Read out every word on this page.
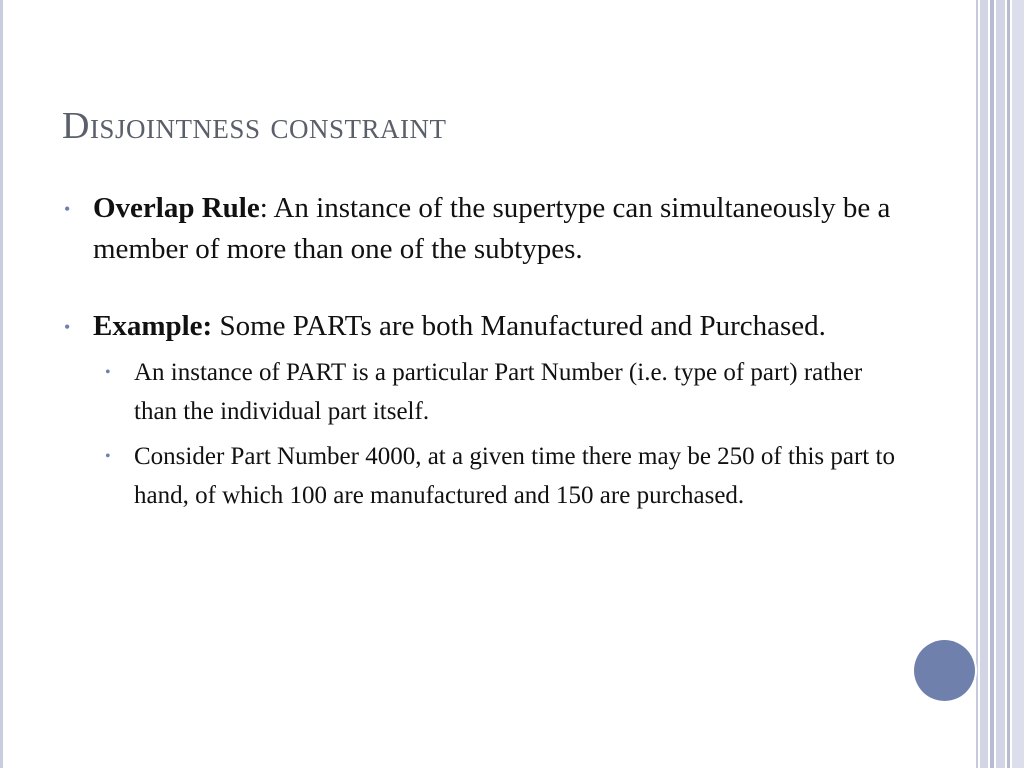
Disjointness constraint
• Overlap Rule: An instance of the supertype can simultaneously be a member of more than one of the subtypes.
• Example: Some PARTs are both Manufactured and Purchased.
• An instance of PART is a particular Part Number (i.e. type of part) rather than the individual part itself.
• Consider Part Number 4000, at a given time there may be 250 of this part to hand, of which 100 are manufactured and 150 are purchased.
